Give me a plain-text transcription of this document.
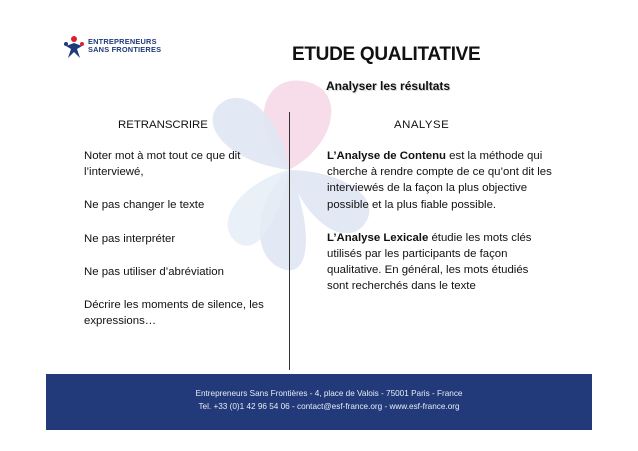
ENTREPRENEURS
SANS FRONTIERES	ETUDE QUALITATIVE
Analyser les résultats
RETRANSCRIRE	ANALYSE

Noter mot à mot tout ce que dit l’interviewé,

Ne pas changer le texte

Ne pas interpréter

Ne pas utiliser d’abréviation

Décrire les moments de silence, les expressions…

L’Analyse de Contenu est la méthode qui cherche à rendre compte de ce qu’ont dit les interviewés de la façon la plus objective possible et la plus fiable possible.

L’Analyse Lexicale étudie les mots clés utilisés par les participants de façon qualitative. En général, les mots étudiés sont recherchés dans le texte

Entrepreneurs Sans Frontières - 4, place de Valois - 75001 Paris - France
Tel. +33 (0)1 42 96 54 06 - contact@esf-france.org - www.esf-france.org
